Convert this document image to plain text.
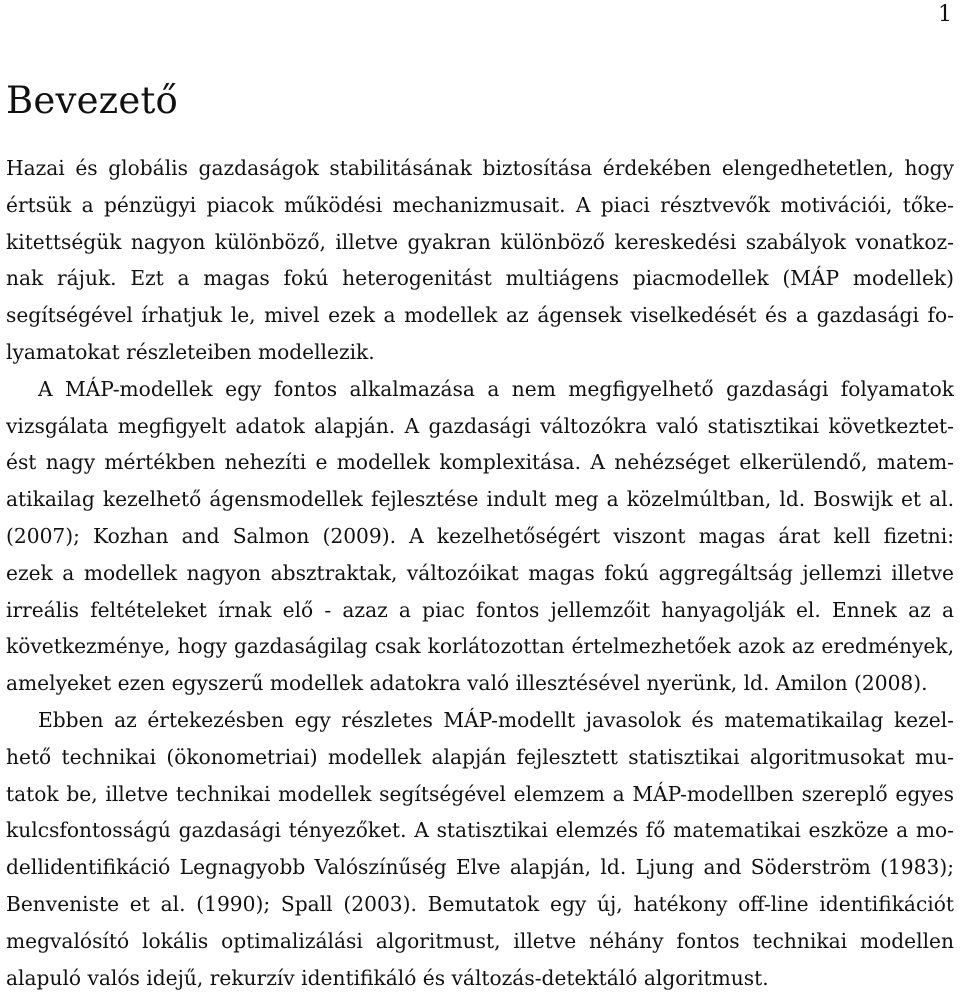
1
Bevezető
Hazai és globális gazdaságok stabilitásának biztosítása érdekében elengedhetetlen, hogy
értsük a pénzügyi piacok működési mechanizmusait. A piaci résztvevők motivációi, tőke-
kitettségük nagyon különböző, illetve gyakran különböző kereskedési szabályok vonatkoz-
nak rájuk. Ezt a magas fokú heterogenitást multiágens piacmodellek (MÁP modellek)
segítségével írhatjuk le, mivel ezek a modellek az ágensek viselkedését és a gazdasági fo-
lyamatokat részleteiben modellezik.
A MÁP-modellek egy fontos alkalmazása a nem megfigyelhető gazdasági folyamatok
vizsgálata megfigyelt adatok alapján. A gazdasági változókra való statisztikai következtet-
ést nagy mértékben nehezíti e modellek komplexitása. A nehézséget elkerülendő, matem-
atikailag kezelhető ágensmodellek fejlesztése indult meg a közelmúltban, ld. Boswijk et al.
(2007); Kozhan and Salmon (2009). A kezelhetőségért viszont magas árat kell fizetni:
ezek a modellek nagyon absztraktak, változóikat magas fokú aggregáltság jellemzi illetve
irreális feltételeket írnak elő - azaz a piac fontos jellemzőit hanyagolják el. Ennek az a
következménye, hogy gazdaságilag csak korlátozottan értelmezhetőek azok az eredmények,
amelyeket ezen egyszerű modellek adatokra való illesztésével nyerünk, ld. Amilon (2008).
Ebben az értekezésben egy részletes MÁP-modellt javasolok és matematikailag kezel-
hető technikai (ökonometriai) modellek alapján fejlesztett statisztikai algoritmusokat mu-
tatok be, illetve technikai modellek segítségével elemzem a MÁP-modellben szereplő egyes
kulcsfontosságú gazdasági tényezőket. A statisztikai elemzés fő matematikai eszköze a mo-
dellidentifikáció Legnagyobb Valószínűség Elve alapján, ld. Ljung and Söderström (1983);
Benveniste et al. (1990); Spall (2003). Bemutatok egy új, hatékony off-line identifikációt
megvalósító lokális optimalizálási algoritmust, illetve néhány fontos technikai modellen
alapuló valós idejű, rekurzív identifikáló és változás-detektáló algoritmust.
